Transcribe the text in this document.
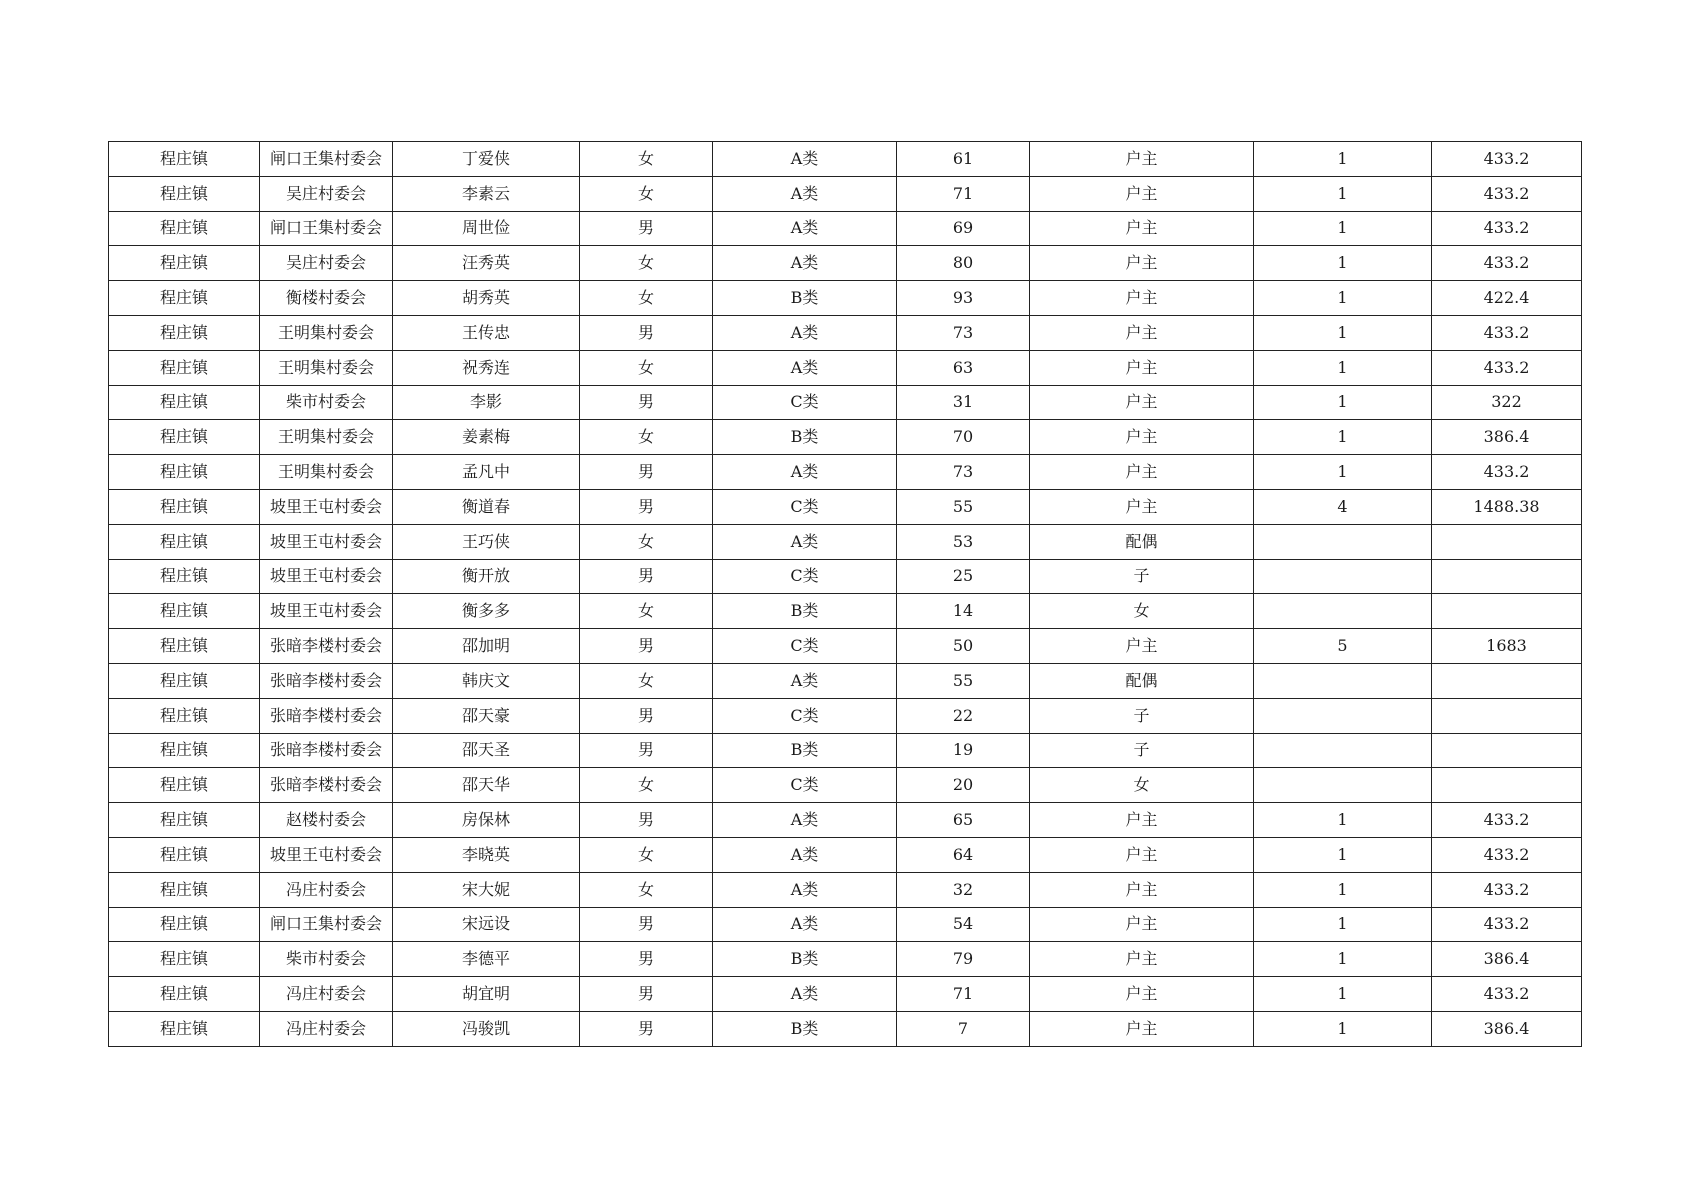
程庄镇	闸口王集村委会	丁爱侠	女	A类	61	户主	1	433.2
程庄镇	吴庄村委会	李素云	女	A类	71	户主	1	433.2
程庄镇	闸口王集村委会	周世俭	男	A类	69	户主	1	433.2
程庄镇	吴庄村委会	汪秀英	女	A类	80	户主	1	433.2
程庄镇	衡楼村委会	胡秀英	女	B类	93	户主	1	422.4
程庄镇	王明集村委会	王传忠	男	A类	73	户主	1	433.2
程庄镇	王明集村委会	祝秀连	女	A类	63	户主	1	433.2
程庄镇	柴市村委会	李影	男	C类	31	户主	1	322
程庄镇	王明集村委会	姜素梅	女	B类	70	户主	1	386.4
程庄镇	王明集村委会	孟凡中	男	A类	73	户主	1	433.2
程庄镇	坡里王屯村委会	衡道春	男	C类	55	户主	4	1488.38
程庄镇	坡里王屯村委会	王巧侠	女	A类	53	配偶		
程庄镇	坡里王屯村委会	衡开放	男	C类	25	子		
程庄镇	坡里王屯村委会	衡多多	女	B类	14	女		
程庄镇	张暗李楼村委会	邵加明	男	C类	50	户主	5	1683
程庄镇	张暗李楼村委会	韩庆文	女	A类	55	配偶		
程庄镇	张暗李楼村委会	邵天豪	男	C类	22	子		
程庄镇	张暗李楼村委会	邵天圣	男	B类	19	子		
程庄镇	张暗李楼村委会	邵天华	女	C类	20	女		
程庄镇	赵楼村委会	房保林	男	A类	65	户主	1	433.2
程庄镇	坡里王屯村委会	李晓英	女	A类	64	户主	1	433.2
程庄镇	冯庄村委会	宋大妮	女	A类	32	户主	1	433.2
程庄镇	闸口王集村委会	宋远设	男	A类	54	户主	1	433.2
程庄镇	柴市村委会	李德平	男	B类	79	户主	1	386.4
程庄镇	冯庄村委会	胡宜明	男	A类	71	户主	1	433.2
程庄镇	冯庄村委会	冯骏凯	男	B类	7	户主	1	386.4
